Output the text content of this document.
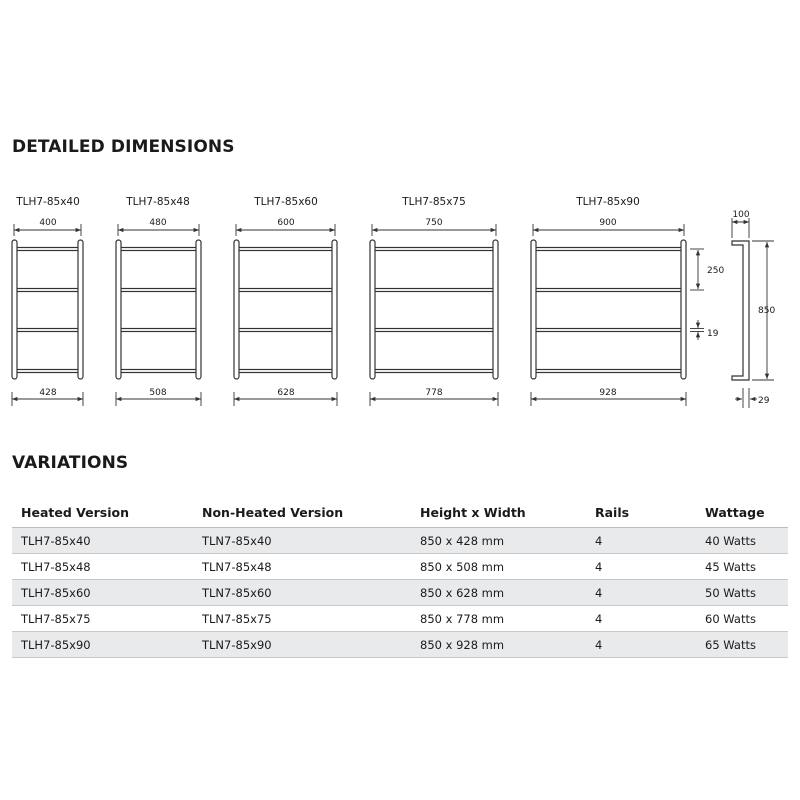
DETAILED DIMENSIONS
TLH7-85x40
400
428
TLH7-85x48
480
508
TLH7-85x60
600
628
TLH7-85x75
750
778
TLH7-85x90
900
928
250
19
100
850
29
VARIATIONS
Heated Version	Non-Heated Version	Height x Width	Rails	Wattage
TLH7-85x40	TLN7-85x40	850 x 428 mm	4	40 Watts
TLH7-85x48	TLN7-85x48	850 x 508 mm	4	45 Watts
TLH7-85x60	TLN7-85x60	850 x 628 mm	4	50 Watts
TLH7-85x75	TLN7-85x75	850 x 778 mm	4	60 Watts
TLH7-85x90	TLN7-85x90	850 x 928 mm	4	65 Watts
